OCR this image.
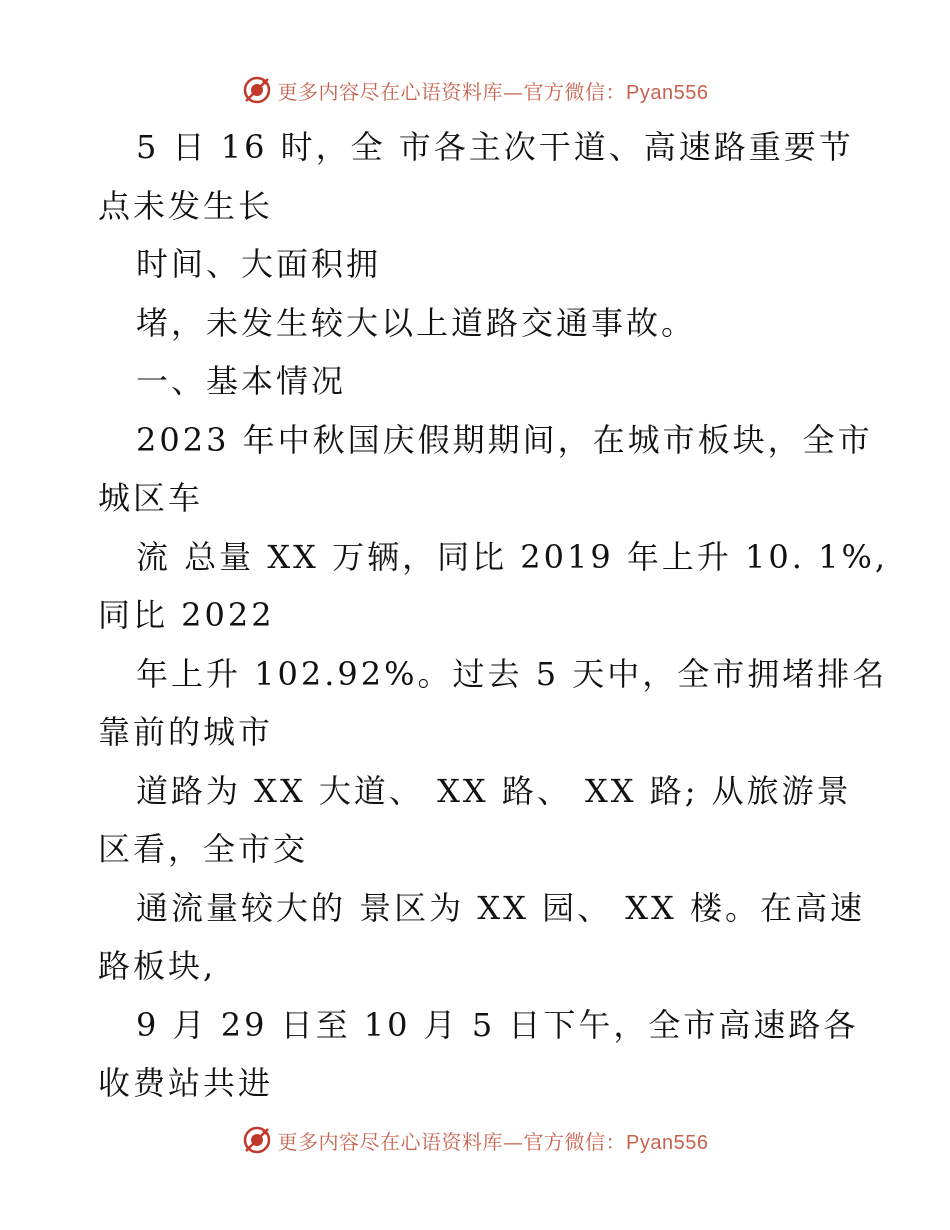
更多内容尽在心语资料库—官方微信：Pyan556
5 日 16 时，全 市各主次干道、高速路重要节
点未发生长
时间、大面积拥
堵，未发生较大以上道路交通事故。
一、基本情况
2023 年中秋国庆假期期间，在城市板块，全市
城区车
流 总量 XX 万辆，同比 2019 年上升 10. 1%,
同比 2022
年上升 102.92%。过去 5 天中，全市拥堵排名
靠前的城市
道路为 XX 大道、 XX 路、 XX 路; 从旅游景
区看，全市交
通流量较大的 景区为 XX 园、 XX 楼。在高速
路板块,
9 月 29 日至 10 月 5 日下午，全市高速路各
收费站共进
更多内容尽在心语资料库—官方微信：Pyan556
